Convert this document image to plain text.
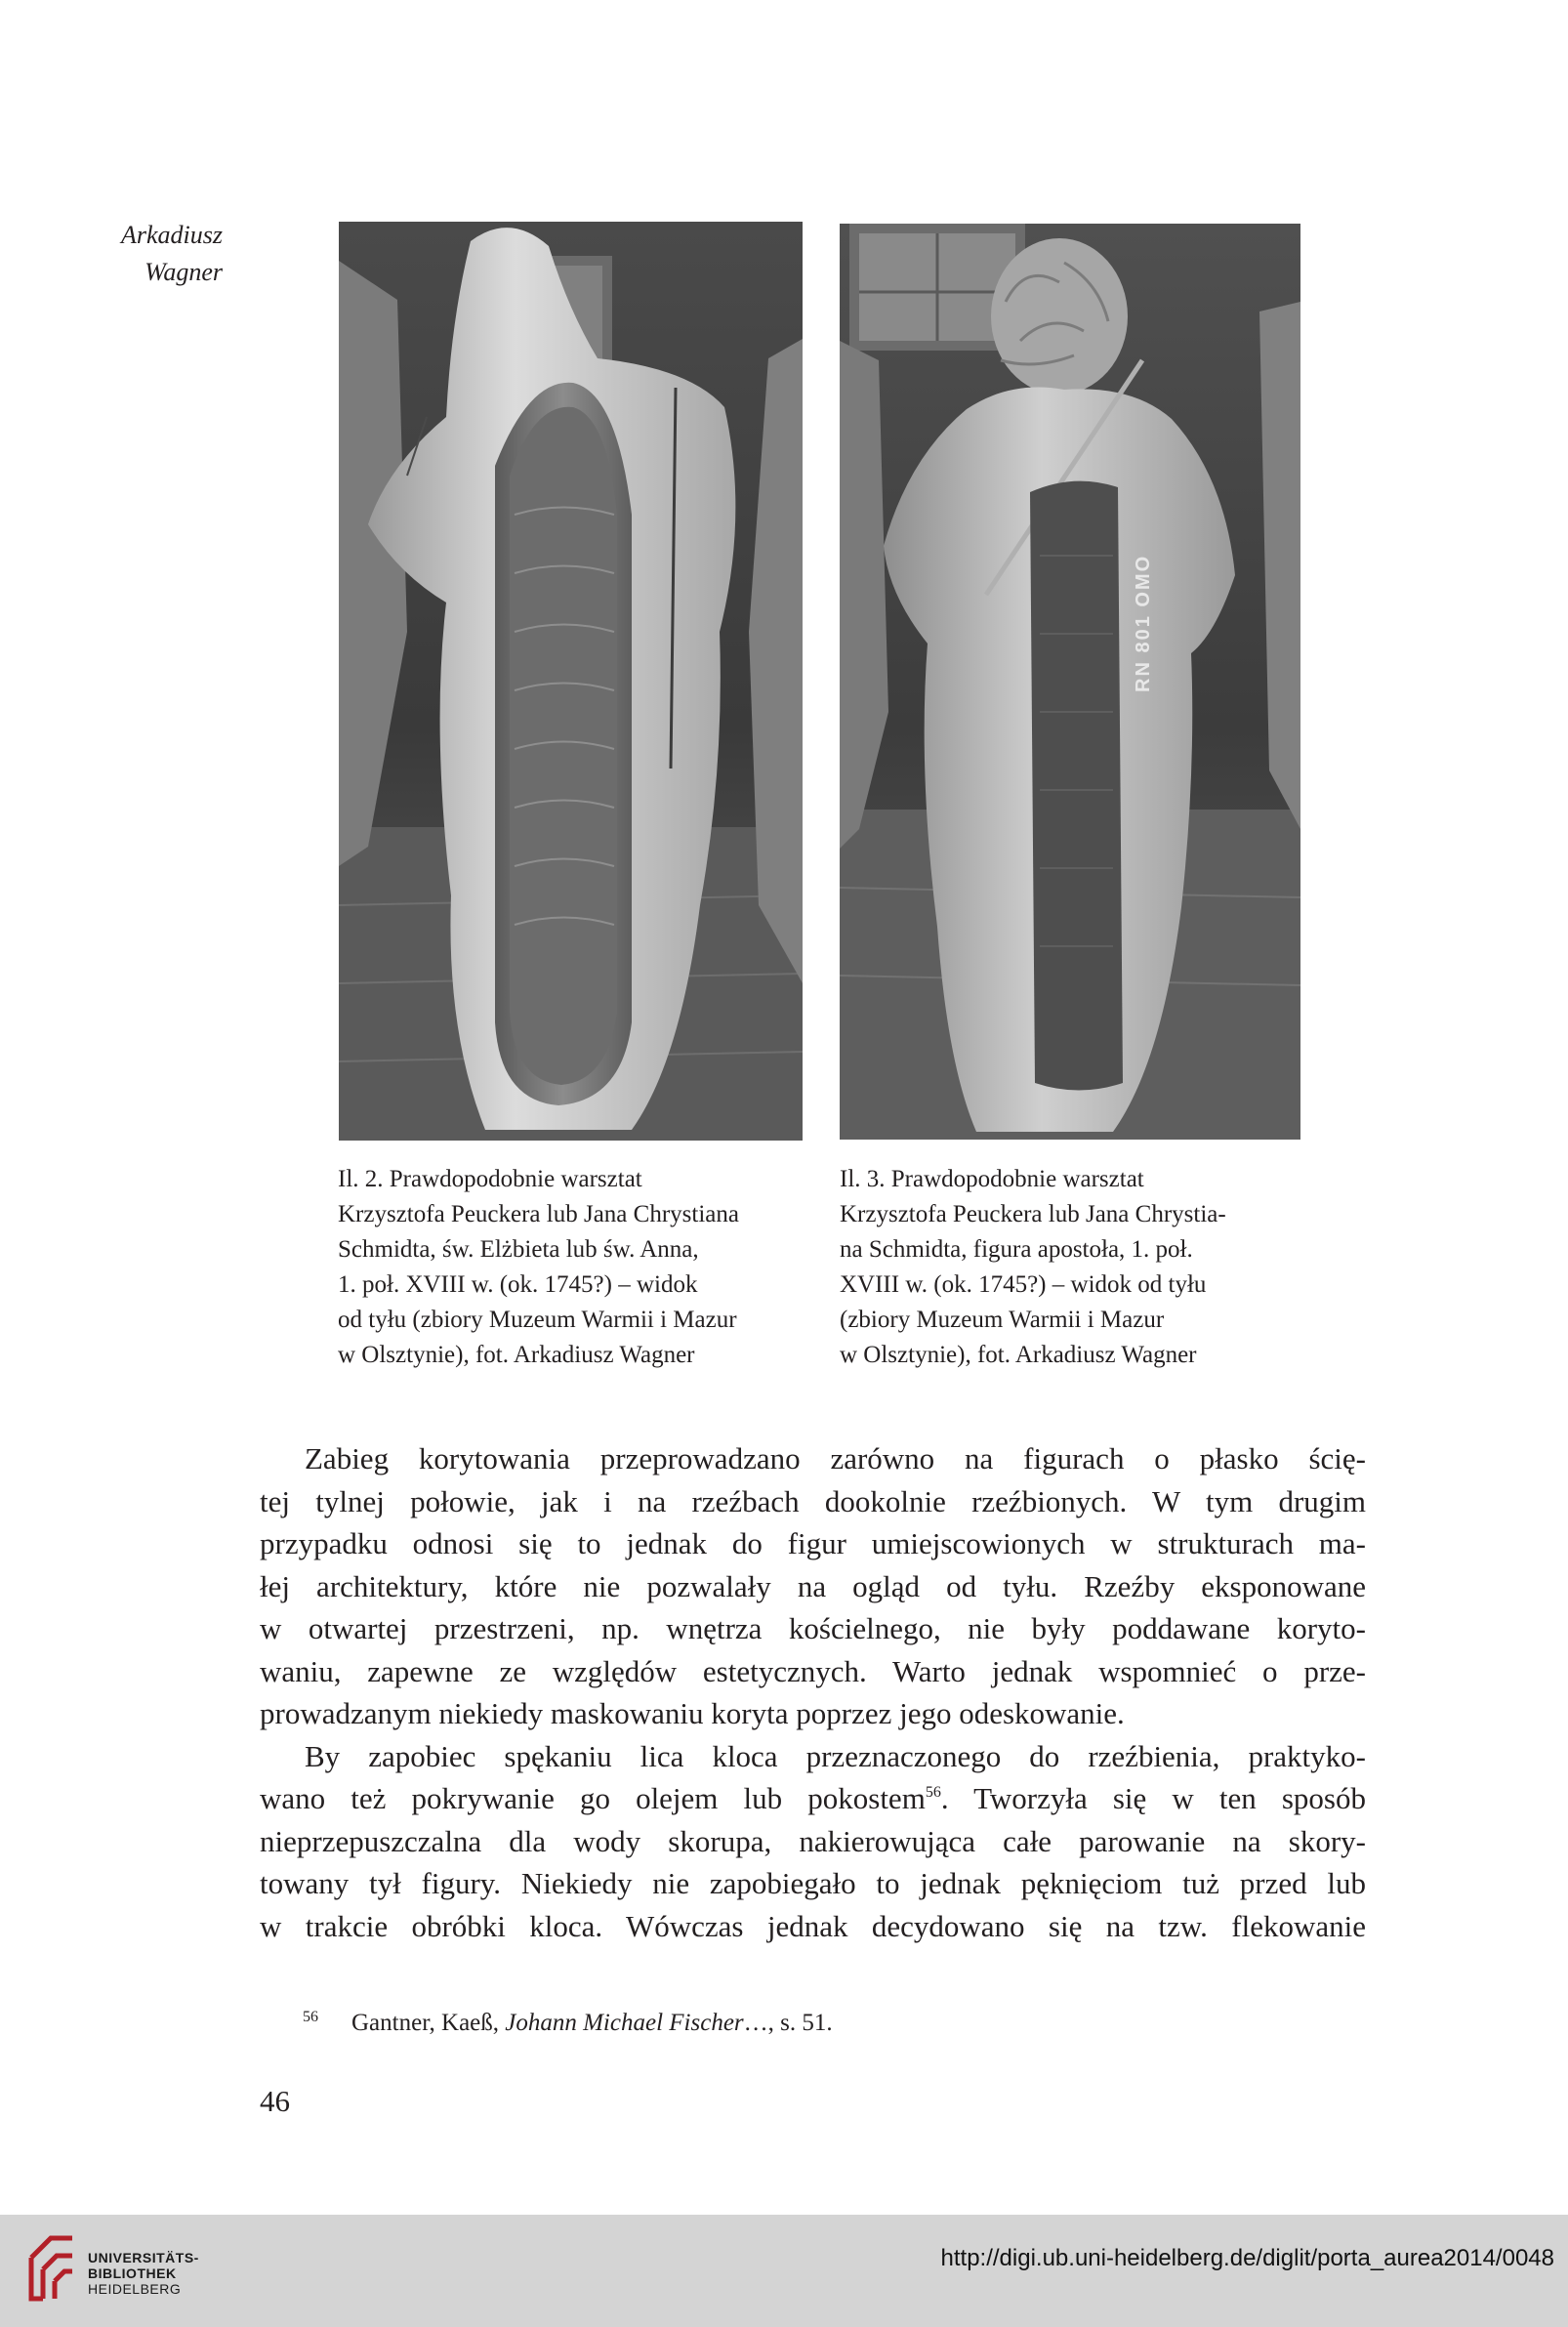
Arkadiusz
Wagner
RN 801 OMO
Il. 2. Prawdopodobnie warsztat
Krzysztofa Peuckera lub Jana Chrystiana
Schmidta, św. Elżbieta lub św. Anna,
1. poł. XVIII w. (ok. 1745?) – widok
od tyłu (zbiory Muzeum Warmii i Mazur
w Olsztynie), fot. Arkadiusz Wagner
Il. 3. Prawdopodobnie warsztat
Krzysztofa Peuckera lub Jana Chrystia-
na Schmidta, figura apostoła, 1. poł.
XVIII w. (ok. 1745?) – widok od tyłu
(zbiory Muzeum Warmii i Mazur
w Olsztynie), fot. Arkadiusz Wagner
Zabieg korytowania przeprowadzano zarówno na figurach o płasko ścię-
tej tylnej połowie, jak i na rzeźbach dookolnie rzeźbionych. W tym drugim
przypadku odnosi się to jednak do figur umiejscowionych w strukturach ma-
łej architektury, które nie pozwalały na ogląd od tyłu. Rzeźby eksponowane
w otwartej przestrzeni, np. wnętrza kościelnego, nie były poddawane koryto-
waniu, zapewne ze względów estetycznych. Warto jednak wspomnieć o prze-
prowadzanym niekiedy maskowaniu koryta poprzez jego odeskowanie.
By zapobiec spękaniu lica kloca przeznaczonego do rzeźbienia, praktyko-
wano też pokrywanie go olejem lub pokostem$^{56}$. Tworzyła się w ten sposób
nieprzepuszczalna dla wody skorupa, nakierowująca całe parowanie na skory-
towany tył figury. Niekiedy nie zapobiegało to jednak pęknięciom tuż przed lub
w trakcie obróbki kloca. Wówczas jednak decydowano się na tzw. flekowanie
56 Gantner, Kaeß, Johann Michael Fischer…, s. 51.
46
UNIVERSITÄTS-
BIBLIOTHEK
HEIDELBERG
http://digi.ub.uni-heidelberg.de/diglit/porta_aurea2014/0048
